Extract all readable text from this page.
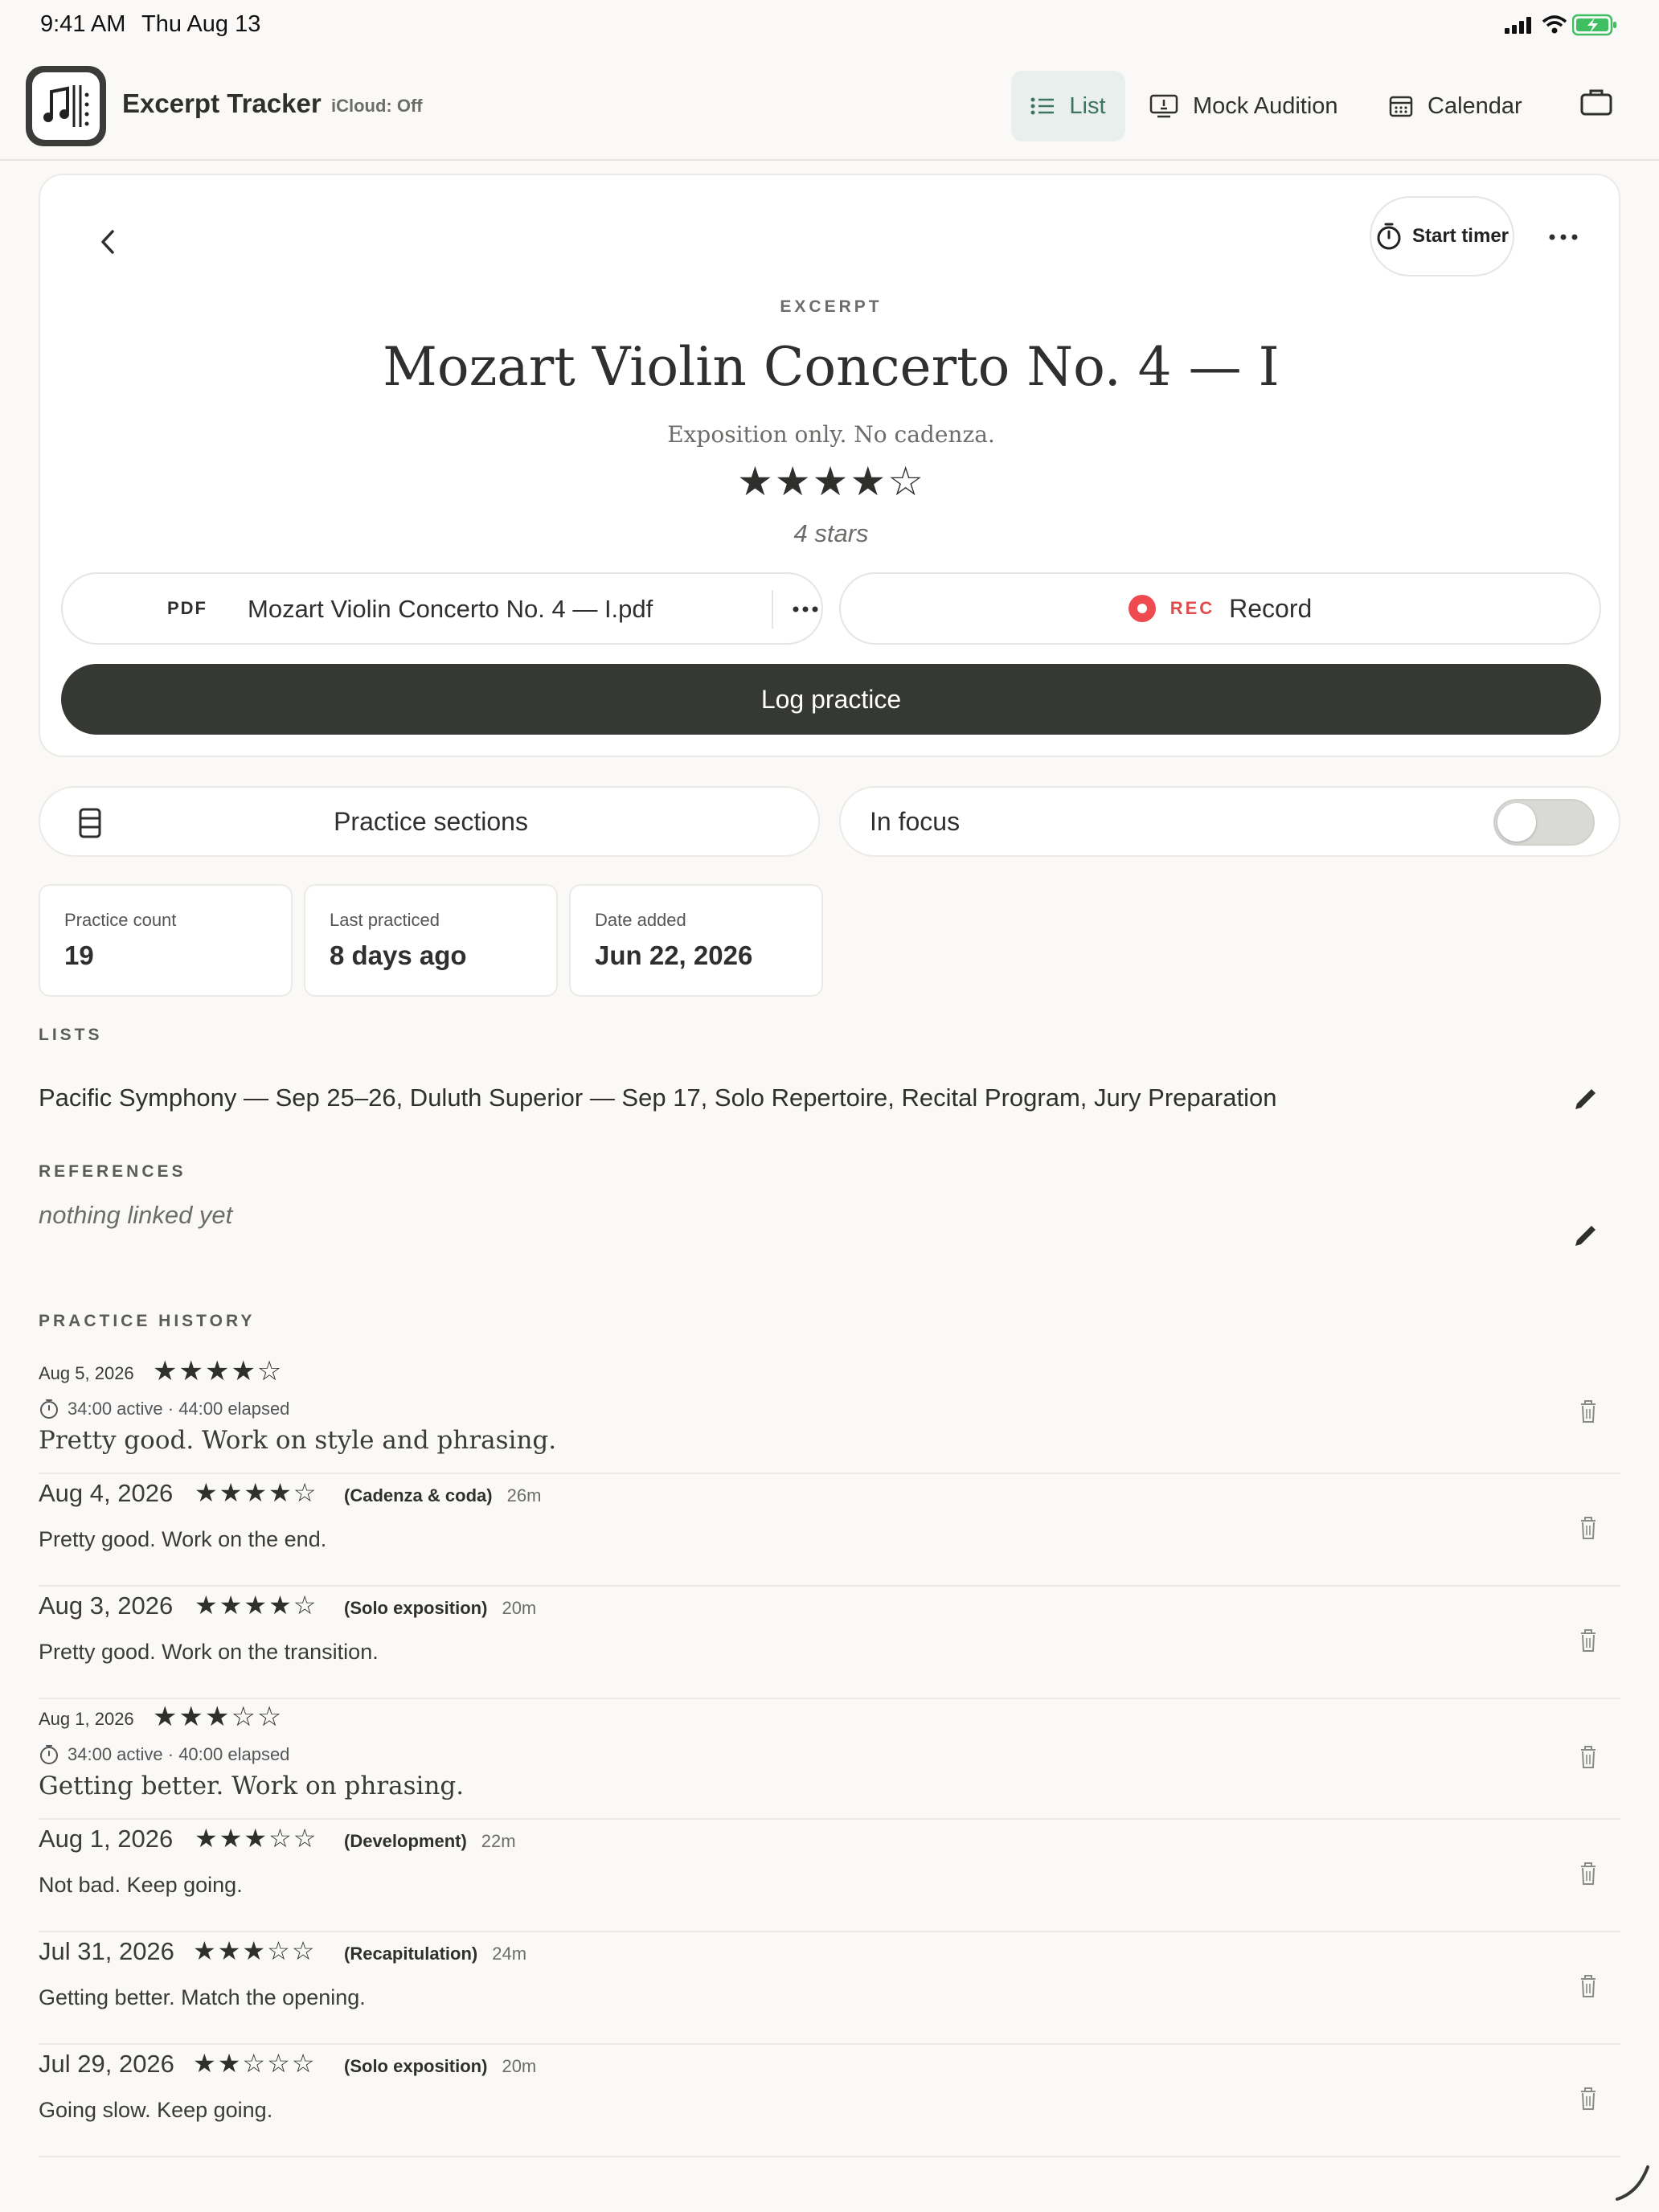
9:41 AM Thu Aug 13
Excerpt Tracker iCloud: Off	List	Mock Audition	Calendar
Start timer
EXCERPT
Mozart Violin Concerto No. 4 — I
Exposition only. No cadenza.
★★★★☆
4 stars
PDF Mozart Violin Concerto No. 4 — I.pdf	REC Record
Log practice
Practice sections	In focus
Practice count
19
Last practiced
8 days ago
Date added
Jun 22, 2026
LISTS
Pacific Symphony — Sep 25–26, Duluth Superior — Sep 17, Solo Repertoire, Recital Program, Jury Preparation
REFERENCES
nothing linked yet
PRACTICE HISTORY
Aug 5, 2026 ★★★★☆
34:00 active · 44:00 elapsed
Pretty good. Work on style and phrasing.
Aug 4, 2026 ★★★★☆ (Cadenza & coda) 26m
Pretty good. Work on the end.
Aug 3, 2026 ★★★★☆ (Solo exposition) 20m
Pretty good. Work on the transition.
Aug 1, 2026 ★★★☆☆
34:00 active · 40:00 elapsed
Getting better. Work on phrasing.
Aug 1, 2026 ★★★☆☆ (Development) 22m
Not bad. Keep going.
Jul 31, 2026 ★★★☆☆ (Recapitulation) 24m
Getting better. Match the opening.
Jul 29, 2026 ★★☆☆☆ (Solo exposition) 20m
Going slow. Keep going.
